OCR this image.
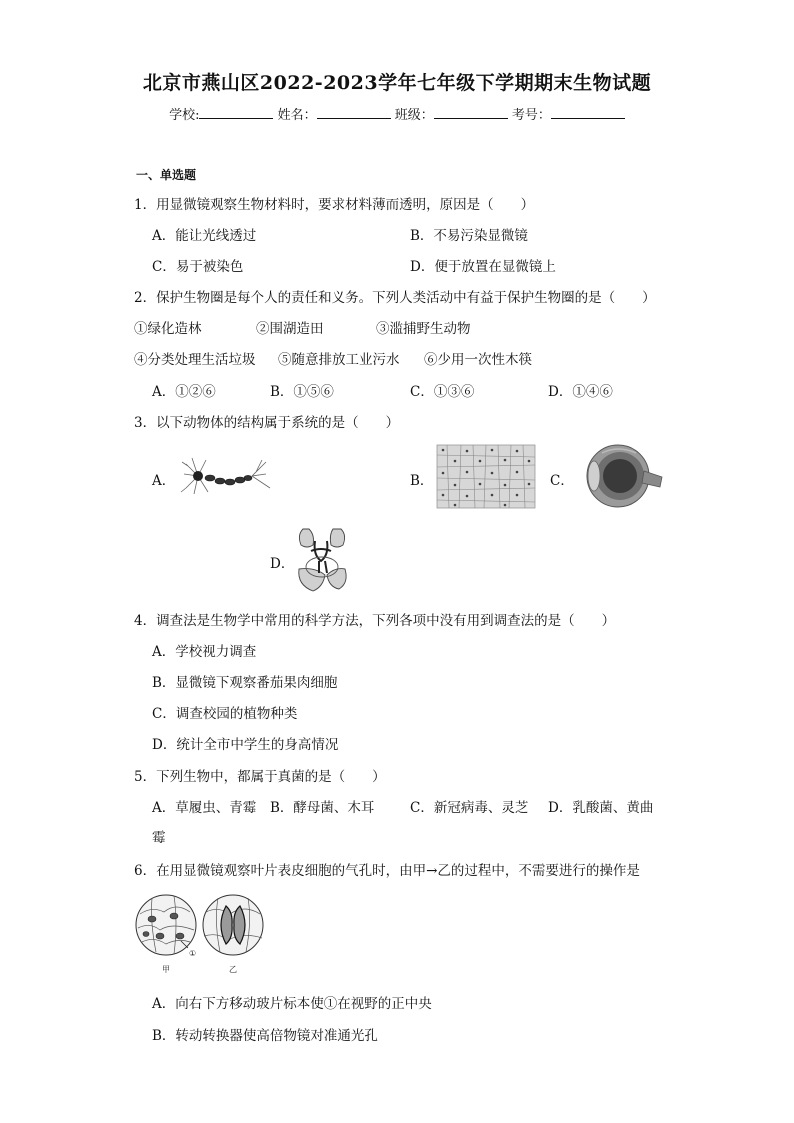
北京市燕山区2022-2023学年七年级下学期期末生物试题
学校:	姓名：	班级：	考号：
一、单选题
1．用显微镜观察生物材料时，要求材料薄而透明，原因是（　　）
A．能让光线透过	B．不易污染显微镜
C．易于被染色	D．便于放置在显微镜上
2．保护生物圈是每个人的责任和义务。下列人类活动中有益于保护生物圈的是（　　）
①绿化造林	②围湖造田	③滥捕野生动物
④分类处理生活垃圾 ⑤随意排放工业污水 ⑥少用一次性木筷
A．①②⑥	B．①⑤⑥	C．①③⑥	D．①④⑥
3．以下动物体的结构属于系统的是（　　）
A．	B．	C．
D．
4．调查法是生物学中常用的科学方法，下列各项中没有用到调查法的是（　　）
A．学校视力调查
B．显微镜下观察番茄果肉细胞
C．调查校园的植物种类
D．统计全市中学生的身高情况
5．下列生物中，都属于真菌的是（　　）
A．草履虫、青霉 B．酵母菌、木耳	C．新冠病毒、灵芝 D．乳酸菌、黄曲
霉
6．在用显微镜观察叶片表皮细胞的气孔时，由甲→乙的过程中，不需要进行的操作是
①
甲	乙
A．向右下方移动玻片标本使①在视野的正中央
B．转动转换器使高倍物镜对准通光孔
